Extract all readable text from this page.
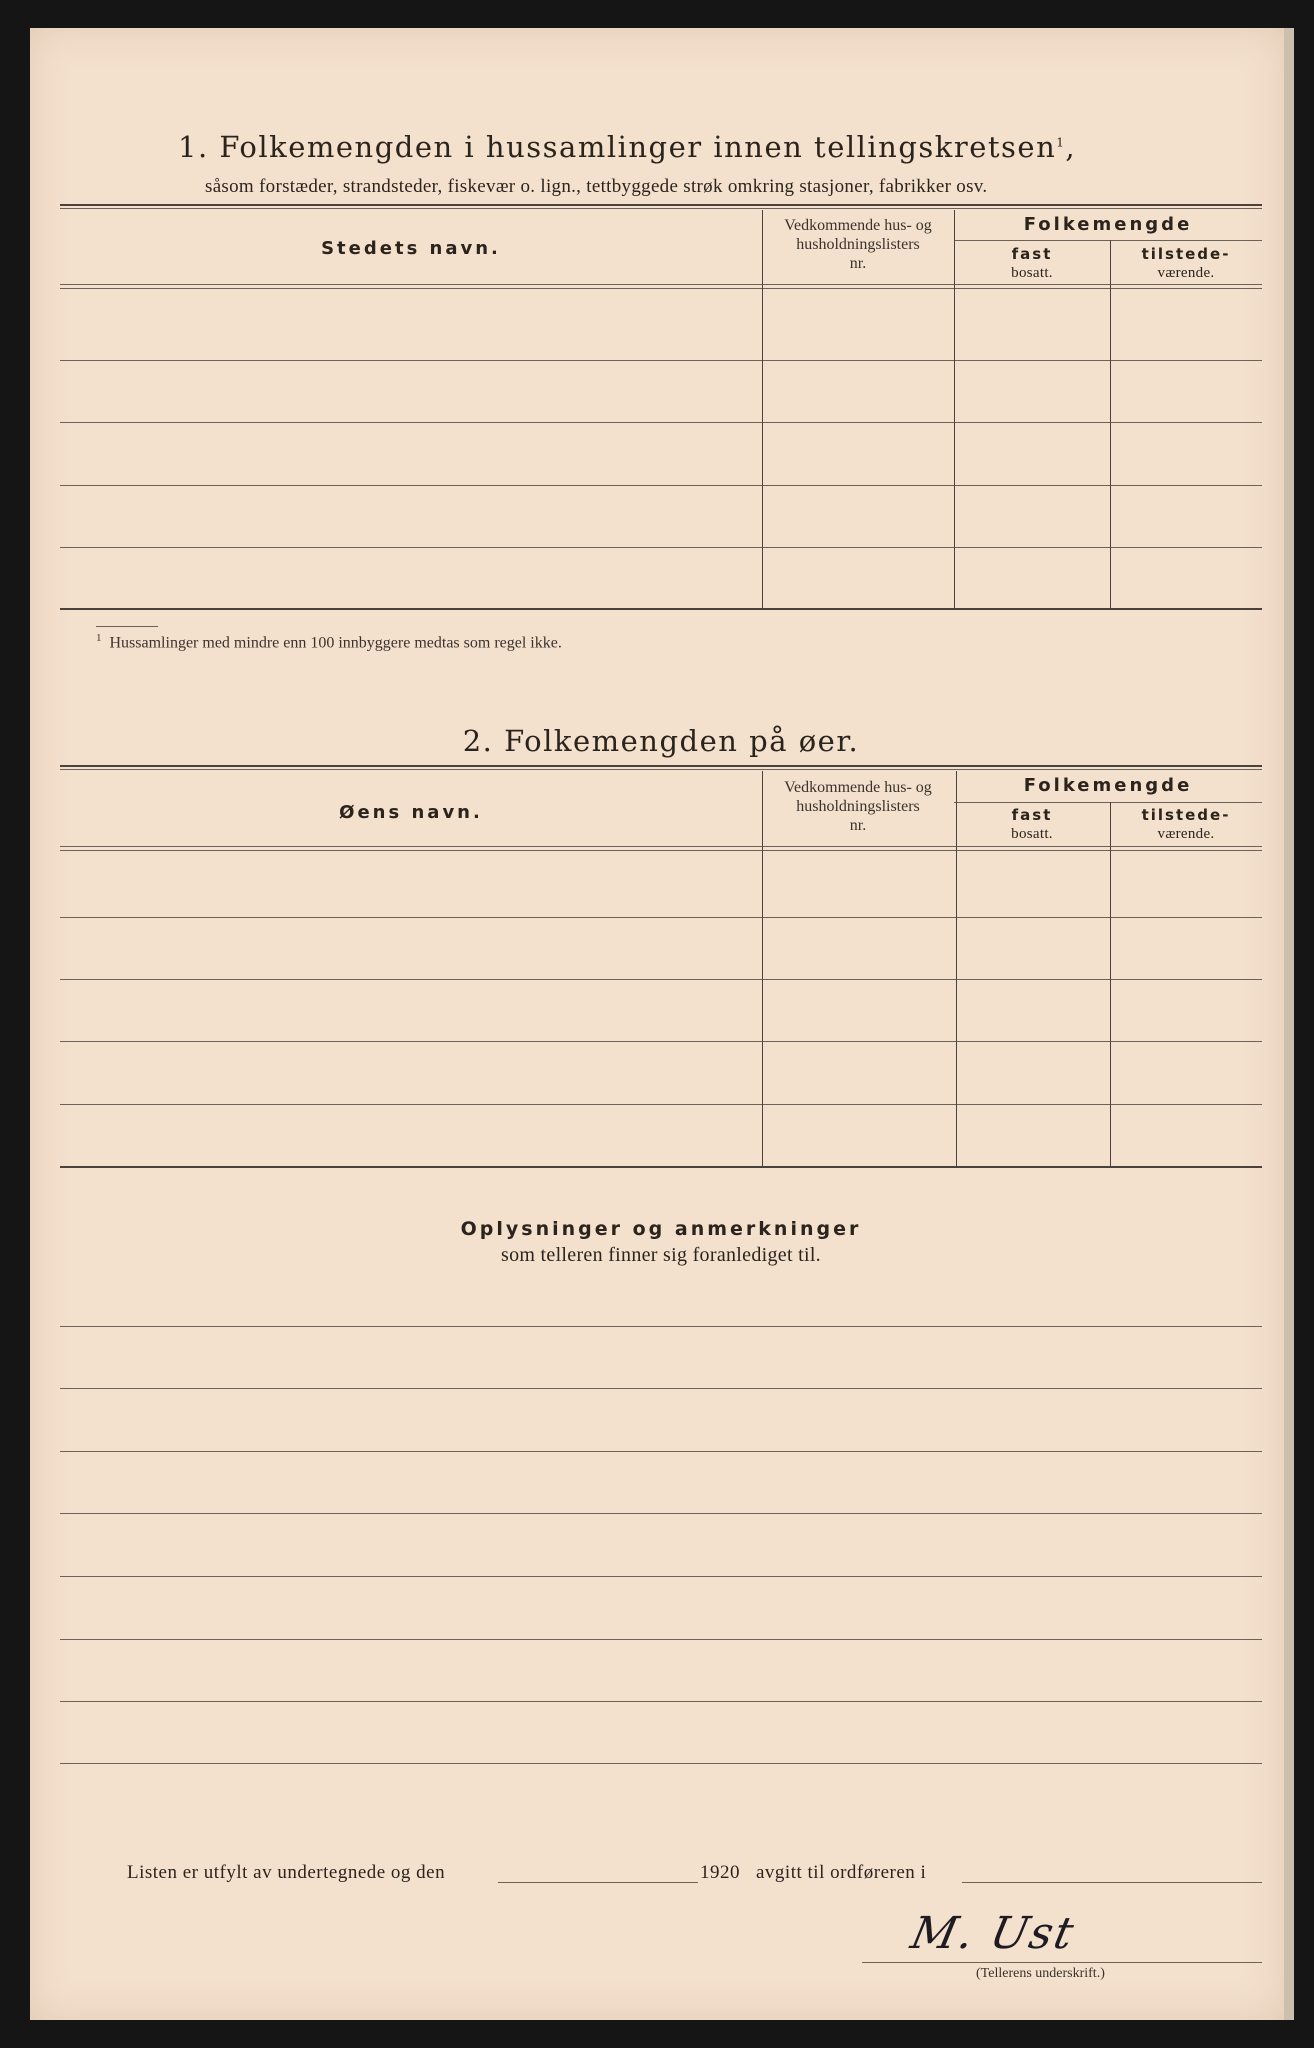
1. Folkemengden i hussamlinger innen tellingskretsen$^1$,
såsom forstæder, strandsteder, fiskevær o. lign., tettbyggede strøk omkring stasjoner, fabrikker osv.
Stedets navn.
Vedkommende hus- og
husholdningslisters
nr.
Folkemengde
fast
bosatt.
tilstede-
værende.
$^1$ Hussamlinger med mindre enn 100 innbyggere medtas som regel ikke.
2. Folkemengden på øer.
Øens navn.
Vedkommende hus- og
husholdningslisters
nr.
Folkemengde
fast
bosatt.
tilstede-
værende.
Oplysninger og anmerkninger
som telleren finner sig foranlediget til.
Listen er utfylt av undertegnede og den	1920 avgitt til ordføreren i
M. Ust
(Tellerens underskrift.)
